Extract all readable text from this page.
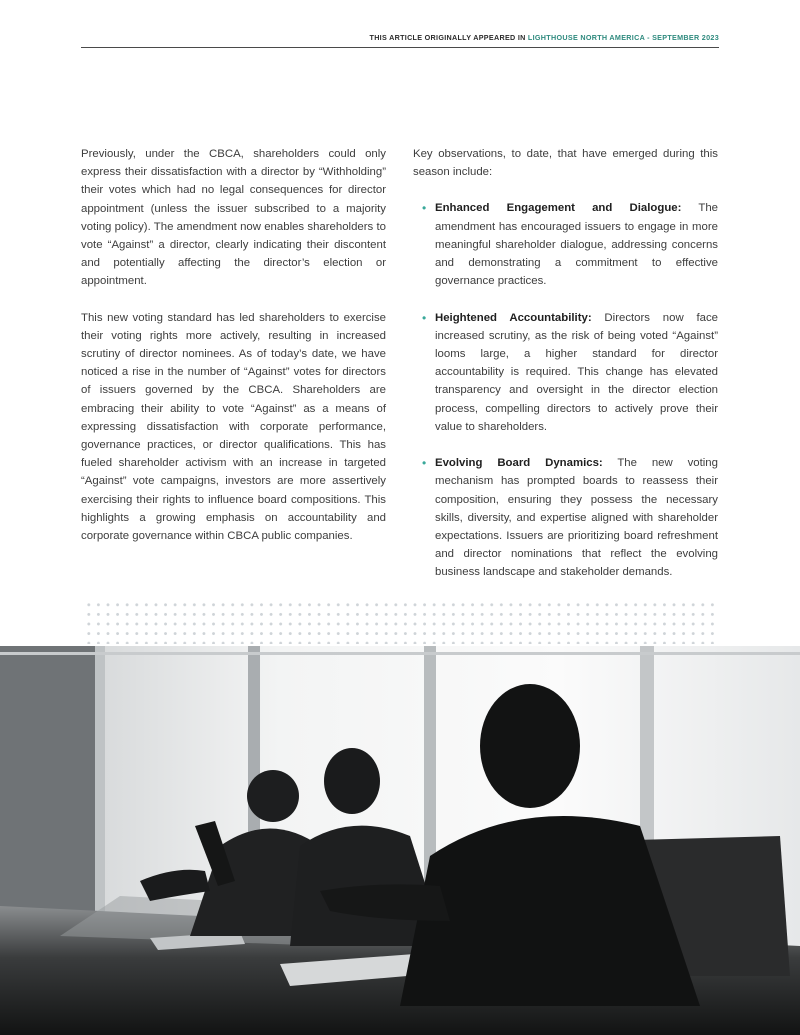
THIS ARTICLE ORIGINALLY APPEARED IN LIGHTHOUSE NORTH AMERICA - SEPTEMBER 2023

Previously, under the CBCA, shareholders could only express their dissatisfaction with a director by “Withholding” their votes which had no legal consequences for director appointment (unless the issuer subscribed to a majority voting policy). The amendment now enables shareholders to vote “Against” a director, clearly indicating their discontent and potentially affecting the director’s election or appointment.

This new voting standard has led shareholders to exercise their voting rights more actively, resulting in increased scrutiny of director nominees. As of today’s date, we have noticed a rise in the number of “Against” votes for directors of issuers governed by the CBCA. Shareholders are embracing their ability to vote “Against” as a means of expressing dissatisfaction with corporate performance, governance practices, or director qualifications. This has fueled shareholder activism with an increase in targeted “Against” vote campaigns, investors are more assertively exercising their rights to influence board compositions. This highlights a growing emphasis on accountability and corporate governance within CBCA public companies.

Key observations, to date, that have emerged during this season include:

• Enhanced Engagement and Dialogue: The amendment has encouraged issuers to engage in more meaningful shareholder dialogue, addressing concerns and demonstrating a commitment to effective governance practices.
• Heightened Accountability: Directors now face increased scrutiny, as the risk of being voted “Against” looms large, a higher standard for director accountability is required. This change has elevated transparency and oversight in the director election process, compelling directors to actively prove their value to shareholders.
• Evolving Board Dynamics: The new voting mechanism has prompted boards to reassess their composition, ensuring they possess the necessary skills, diversity, and expertise aligned with shareholder expectations. Issuers are prioritizing board refreshment and director nominations that reflect the evolving business landscape and stakeholder demands.
